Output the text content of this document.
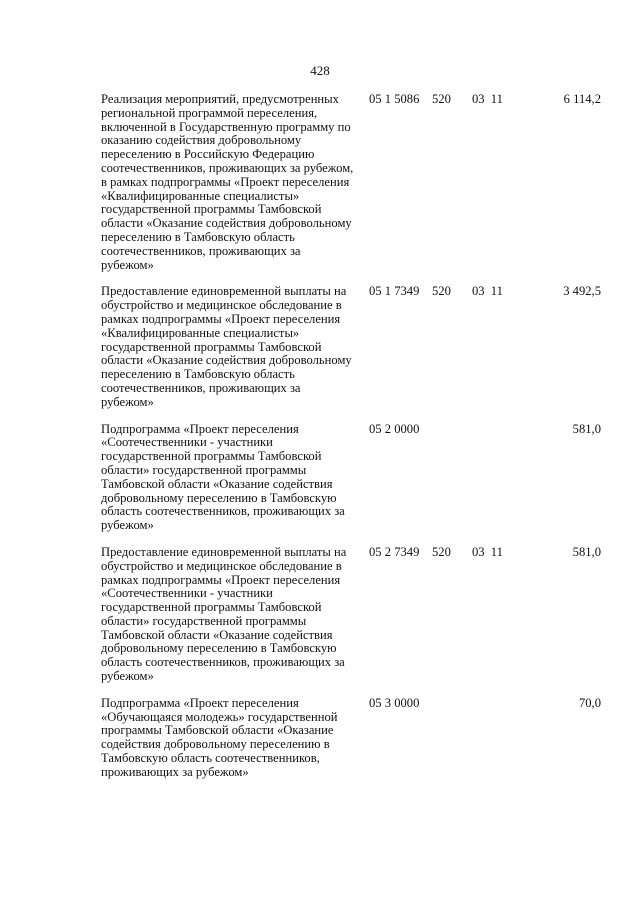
428
Реализация мероприятий, предусмотренных региональной программой переселения, включенной в Государственную программу по оказанию содействия добровольному переселению в Российскую Федерацию соотечественников, проживающих за рубежом, в рамках подпрограммы «Проект переселения «Квалифицированные специалисты» государственной программы Тамбовской области «Оказание содействия добровольному переселению в Тамбовскую область соотечественников, проживающих за рубежом»
05 1 5086 520 03 11	6 114,2
Предоставление единовременной выплаты на обустройство и медицинское обследование в рамках подпрограммы «Проект переселения «Квалифицированные специалисты» государственной программы Тамбовской области «Оказание содействия добровольному переселению в Тамбовскую область соотечественников, проживающих за рубежом»
05 1 7349 520 03 11	3 492,5
Подпрограмма «Проект переселения «Соотечественники - участники государственной программы Тамбовской области» государственной программы Тамбовской области «Оказание содействия добровольному переселению в Тамбовскую область соотечественников, проживающих за рубежом»
05 2 0000	581,0
Предоставление единовременной выплаты на обустройство и медицинское обследование в рамках подпрограммы «Проект переселения «Соотечественники - участники государственной программы Тамбовской области» государственной программы Тамбовской области «Оказание содействия добровольному переселению в Тамбовскую область соотечественников, проживающих за рубежом»
05 2 7349 520 03 11	581,0
Подпрограмма «Проект переселения «Обучающаяся молодежь» государственной программы Тамбовской области «Оказание содействия добровольному переселению в Тамбовскую область соотечественников, проживающих за рубежом»
05 3 0000	70,0
